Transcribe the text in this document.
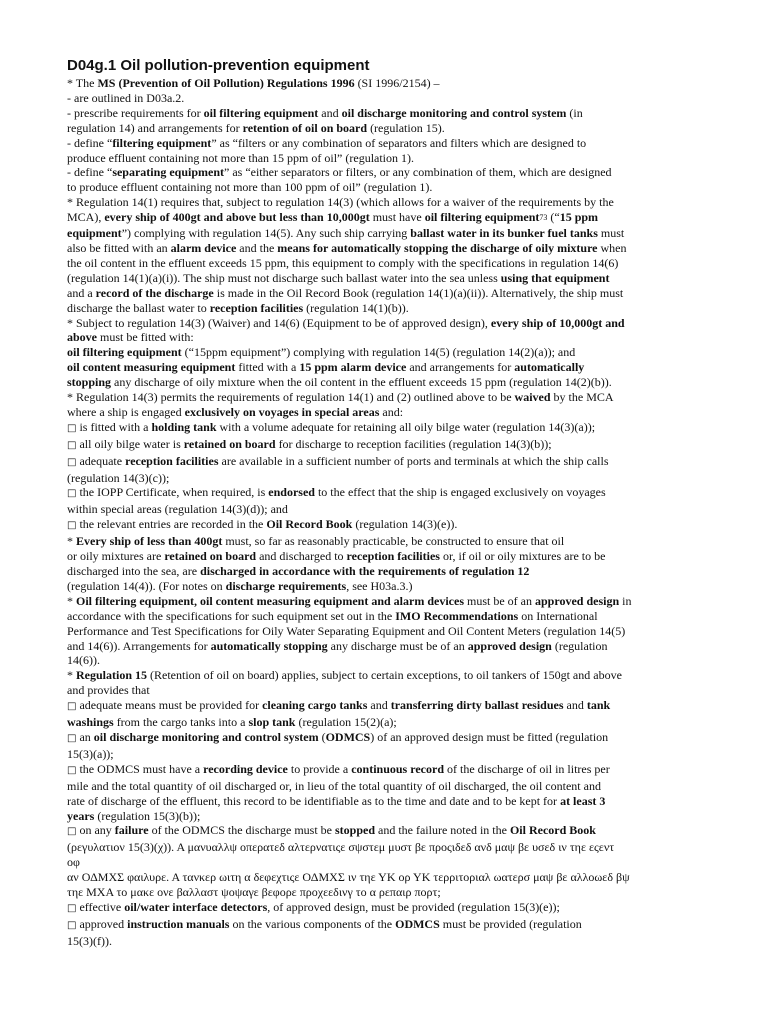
D04g.1 Oil pollution-prevention equipment

* The MS (Prevention of Oil Pollution) Regulations 1996 (SI 1996/2154) –

- are outlined in D03a.2.

- prescribe requirements for oil filtering equipment and oil discharge monitoring and control system (in

regulation 14) and arrangements for retention of oil on board (regulation 15).

- define “filtering equipment” as “filters or any combination of separators and filters which are designed to

produce effluent containing not more than 15 ppm of oil” (regulation 1).

- define “separating equipment” as “either separators or filters, or any combination of them, which are designed

to produce effluent containing not more than 100 ppm of oil” (regulation 1).

* Regulation 14(1) requires that, subject to regulation 14(3) (which allows for a waiver of the requirements by the

MCA), every ship of 400gt and above but less than 10,000gt must have oil filtering equipment73 (“15 ppm

equipment”) complying with regulation 14(5). Any such ship carrying ballast water in its bunker fuel tanks must

also be fitted with an alarm device and the means for automatically stopping the discharge of oily mixture when

the oil content in the effluent exceeds 15 ppm, this equipment to comply with the specifications in regulation 14(6)

(regulation 14(1)(a)(i)). The ship must not discharge such ballast water into the sea unless using that equipment

and a record of the discharge is made in the Oil Record Book (regulation 14(1)(a)(ii)). Alternatively, the ship must

discharge the ballast water to reception facilities (regulation 14(1)(b)).

* Subject to regulation 14(3) (Waiver) and 14(6) (Equipment to be of approved design), every ship of 10,000gt and

above must be fitted with:

oil filtering equipment (“15ppm equipment”) complying with regulation 14(5) (regulation 14(2)(a)); and

oil content measuring equipment fitted with a 15 ppm alarm device and arrangements for automatically

stopping any discharge of oily mixture when the oil content in the effluent exceeds 15 ppm (regulation 14(2)(b)).

* Regulation 14(3) permits the requirements of regulation 14(1) and (2) outlined above to be waived by the MCA

where a ship is engaged exclusively on voyages in special areas and:

□ is fitted with a holding tank with a volume adequate for retaining all oily bilge water (regulation 14(3)(a));

□ all oily bilge water is retained on board for discharge to reception facilities (regulation 14(3)(b));

□ adequate reception facilities are available in a sufficient number of ports and terminals at which the ship calls

(regulation 14(3)(c));

□ the IOPP Certificate, when required, is endorsed to the effect that the ship is engaged exclusively on voyages

within special areas (regulation 14(3)(d)); and

□ the relevant entries are recorded in the Oil Record Book (regulation 14(3)(e)).

* Every ship of less than 400gt must, so far as reasonably practicable, be constructed to ensure that oil

or oily mixtures are retained on board and discharged to reception facilities or, if oil or oily mixtures are to be

discharged into the sea, are discharged in accordance with the requirements of regulation 12

(regulation 14(4)). (For notes on discharge requirements, see H03a.3.)

* Oil filtering equipment, oil content measuring equipment and alarm devices must be of an approved design in

accordance with the specifications for such equipment set out in the IMO Recommendations on International

Performance and Test Specifications for Oily Water Separating Equipment and Oil Content Meters (regulation 14(5)

and 14(6)). Arrangements for automatically stopping any discharge must be of an approved design (regulation

14(6)).

* Regulation 15 (Retention of oil on board) applies, subject to certain exceptions, to oil tankers of 150gt and above

and provides that

□ adequate means must be provided for cleaning cargo tanks and transferring dirty ballast residues and tank

washings from the cargo tanks into a slop tank (regulation 15(2)(a);

□ an oil discharge monitoring and control system (ODMCS) of an approved design must be fitted (regulation

15(3)(a));

□ the ODMCS must have a recording device to provide a continuous record of the discharge of oil in litres per

mile and the total quantity of oil discharged or, in lieu of the total quantity of oil discharged, the oil content and

rate of discharge of the effluent, this record to be identifiable as to the time and date and to be kept for at least 3

years (regulation 15(3)(b));

□ on any failure of the ODMCS the discharge must be stopped and the failure noted in the Oil Record Book

(ρεγυλατιον 15(3)(χ)). Α μανυαλλψ οπερατεδ αλτερνατιςε σψστεμ μυστ βε προςιδεδ ανδ μαψ βε υσεδ ιν τηε εςεντ

οφ

αν ΟΔΜΧΣ φαιλυρε. Α τανκερ ωιτη α δεφεχτιςε ΟΔΜΧΣ ιν τηε ΥΚ ορ ΥΚ τερριτοριαλ ωατερσ μαψ βε αλλοωεδ βψ

τηε ΜΧΑ το μακε ονε βαλλαστ ψοψαγε βεφορε προχεεδινγ το α ρεπαιρ πορτ;

□ effective oil/water interface detectors, of approved design, must be provided (regulation 15(3)(e));

□ approved instruction manuals on the various components of the ODMCS must be provided (regulation

15(3)(f)).
